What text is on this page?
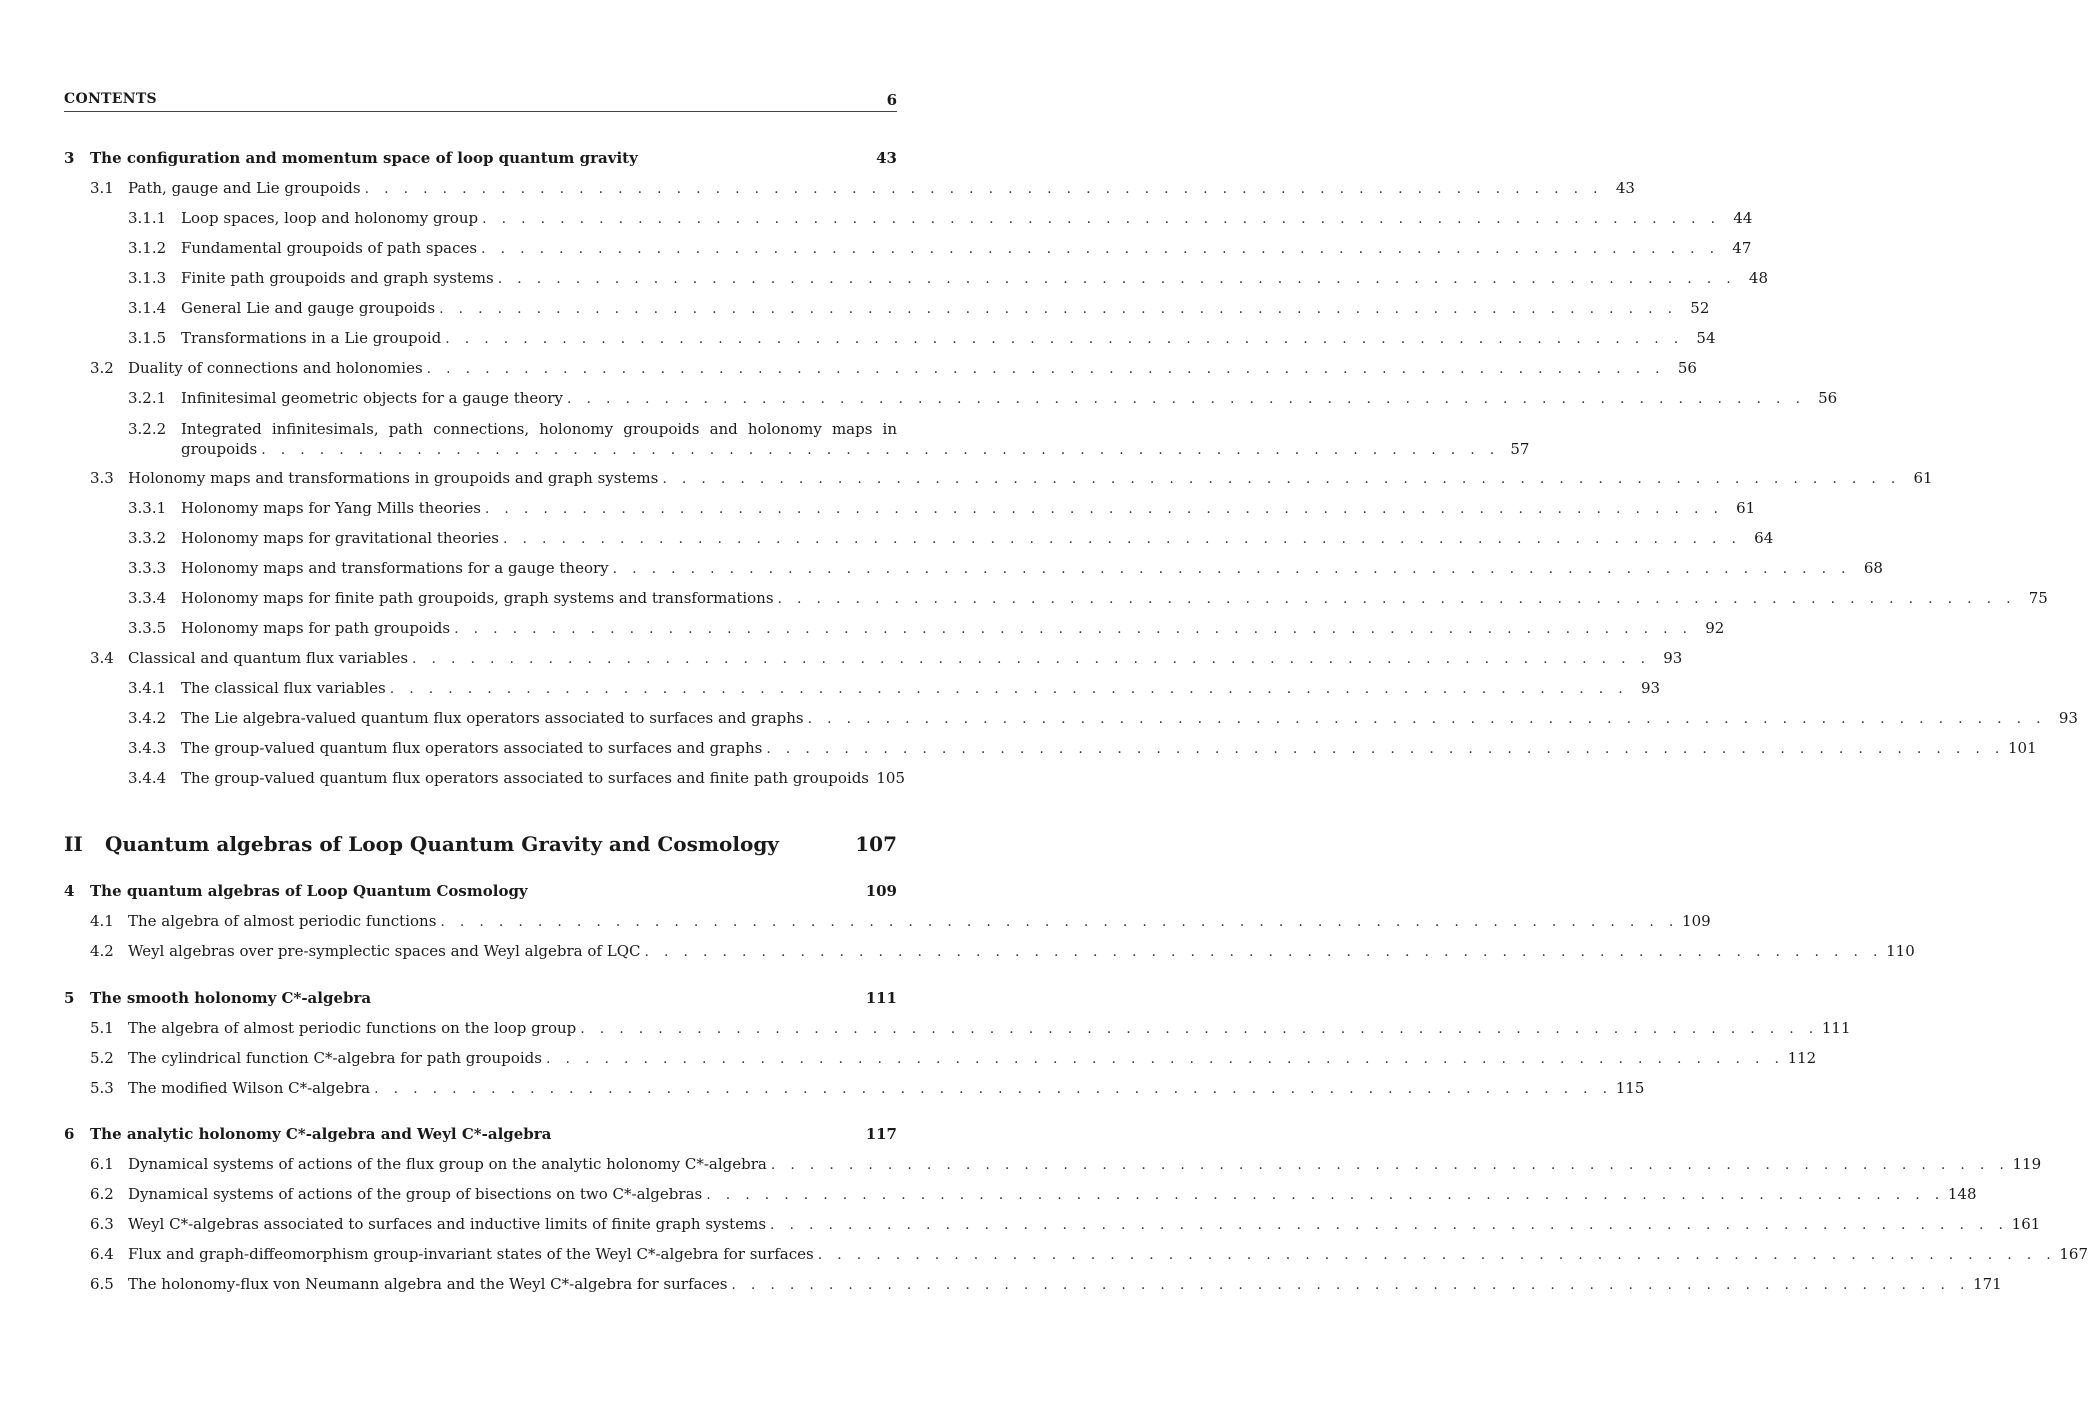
CONTENTS	6
3 The configuration and momentum space of loop quantum gravity	43
3.1 Path, gauge and Lie groupoids . . . . . . . . . . . . . . . . . . . . . . . . . . . . . . . . . . . . . . . . . . . . . . . . . . . . . . . . . . . . . . . . 43
3.1.1 Loop spaces, loop and holonomy group . . . . . . . . . . . . . . . . . . . . . . . . . . . . . . . . . . . . . . . . . . . . . . . . . . . . . . . . . . . . . . . . 44
3.1.2 Fundamental groupoids of path spaces . . . . . . . . . . . . . . . . . . . . . . . . . . . . . . . . . . . . . . . . . . . . . . . . . . . . . . . . . . . . . . . . 47
3.1.3 Finite path groupoids and graph systems . . . . . . . . . . . . . . . . . . . . . . . . . . . . . . . . . . . . . . . . . . . . . . . . . . . . . . . . . . . . . . . . 48
3.1.4 General Lie and gauge groupoids . . . . . . . . . . . . . . . . . . . . . . . . . . . . . . . . . . . . . . . . . . . . . . . . . . . . . . . . . . . . . . . . 52
3.1.5 Transformations in a Lie groupoid . . . . . . . . . . . . . . . . . . . . . . . . . . . . . . . . . . . . . . . . . . . . . . . . . . . . . . . . . . . . . . . . 54
3.2 Duality of connections and holonomies . . . . . . . . . . . . . . . . . . . . . . . . . . . . . . . . . . . . . . . . . . . . . . . . . . . . . . . . . . . . . . . . 56
3.2.1 Infinitesimal geometric objects for a gauge theory . . . . . . . . . . . . . . . . . . . . . . . . . . . . . . . . . . . . . . . . . . . . . . . . . . . . . . . . . . . . . . . . 56
3.2.2 Integrated infinitesimals, path connections, holonomy groupoids and holonomy maps in
groupoids . . . . . . . . . . . . . . . . . . . . . . . . . . . . . . . . . . . . . . . . . . . . . . . . . . . . . . . . . . . . . . . . 57
3.3 Holonomy maps and transformations in groupoids and graph systems . . . . . . . . . . . . . . . . . . . . . . . . . . . . . . . . . . . . . . . . . . . . . . . . . . . . . . . . . . . . . . . . 61
3.3.1 Holonomy maps for Yang Mills theories . . . . . . . . . . . . . . . . . . . . . . . . . . . . . . . . . . . . . . . . . . . . . . . . . . . . . . . . . . . . . . . . 61
3.3.2 Holonomy maps for gravitational theories . . . . . . . . . . . . . . . . . . . . . . . . . . . . . . . . . . . . . . . . . . . . . . . . . . . . . . . . . . . . . . . . 64
3.3.3 Holonomy maps and transformations for a gauge theory . . . . . . . . . . . . . . . . . . . . . . . . . . . . . . . . . . . . . . . . . . . . . . . . . . . . . . . . . . . . . . . . 68
3.3.4 Holonomy maps for finite path groupoids, graph systems and transformations . . . . . . . . . . . . . . . . . . . . . . . . . . . . . . . . . . . . . . . . . . . . . . . . . . . . . . . . . . . . . . . . 75
3.3.5 Holonomy maps for path groupoids . . . . . . . . . . . . . . . . . . . . . . . . . . . . . . . . . . . . . . . . . . . . . . . . . . . . . . . . . . . . . . . . 92
3.4 Classical and quantum flux variables . . . . . . . . . . . . . . . . . . . . . . . . . . . . . . . . . . . . . . . . . . . . . . . . . . . . . . . . . . . . . . . . 93
3.4.1 The classical flux variables . . . . . . . . . . . . . . . . . . . . . . . . . . . . . . . . . . . . . . . . . . . . . . . . . . . . . . . . . . . . . . . . 93
3.4.2 The Lie algebra-valued quantum flux operators associated to surfaces and graphs . . . . . . . . . . . . . . . . . . . . . . . . . . . . . . . . . . . . . . . . . . . . . . . . . . . . . . . . . . . . . . . . 93
3.4.3 The group-valued quantum flux operators associated to surfaces and graphs . . . . . . . . . . . . . . . . . . . . . . . . . . . . . . . . . . . . . . . . . . . . . . . . . . . . . . . . . . . . . . . . 101
3.4.4 The group-valued quantum flux operators associated to surfaces and finite path groupoids 105
II Quantum algebras of Loop Quantum Gravity and Cosmology	107
4 The quantum algebras of Loop Quantum Cosmology	109
4.1 The algebra of almost periodic functions . . . . . . . . . . . . . . . . . . . . . . . . . . . . . . . . . . . . . . . . . . . . . . . . . . . . . . . . . . . . . . . . 109
4.2 Weyl algebras over pre-symplectic spaces and Weyl algebra of LQC . . . . . . . . . . . . . . . . . . . . . . . . . . . . . . . . . . . . . . . . . . . . . . . . . . . . . . . . . . . . . . . . 110
5 The smooth holonomy C*-algebra	111
5.1 The algebra of almost periodic functions on the loop group . . . . . . . . . . . . . . . . . . . . . . . . . . . . . . . . . . . . . . . . . . . . . . . . . . . . . . . . . . . . . . . . 111
5.2 The cylindrical function C*-algebra for path groupoids . . . . . . . . . . . . . . . . . . . . . . . . . . . . . . . . . . . . . . . . . . . . . . . . . . . . . . . . . . . . . . . . 112
5.3 The modified Wilson C*-algebra . . . . . . . . . . . . . . . . . . . . . . . . . . . . . . . . . . . . . . . . . . . . . . . . . . . . . . . . . . . . . . . . 115
6 The analytic holonomy C*-algebra and Weyl C*-algebra	117
6.1 Dynamical systems of actions of the flux group on the analytic holonomy C*-algebra . . . . . . . . . . . . . . . . . . . . . . . . . . . . . . . . . . . . . . . . . . . . . . . . . . . . . . . . . . . . . . . . 119
6.2 Dynamical systems of actions of the group of bisections on two C*-algebras . . . . . . . . . . . . . . . . . . . . . . . . . . . . . . . . . . . . . . . . . . . . . . . . . . . . . . . . . . . . . . . . 148
6.3 Weyl C*-algebras associated to surfaces and inductive limits of finite graph systems . . . . . . . . . . . . . . . . . . . . . . . . . . . . . . . . . . . . . . . . . . . . . . . . . . . . . . . . . . . . . . . . 161
6.4 Flux and graph-diffeomorphism group-invariant states of the Weyl C*-algebra for surfaces . . . . . . . . . . . . . . . . . . . . . . . . . . . . . . . . . . . . . . . . . . . . . . . . . . . . . . . . . . . . . . . . 167
6.5 The holonomy-flux von Neumann algebra and the Weyl C*-algebra for surfaces . . . . . . . . . . . . . . . . . . . . . . . . . . . . . . . . . . . . . . . . . . . . . . . . . . . . . . . . . . . . . . . . 171
